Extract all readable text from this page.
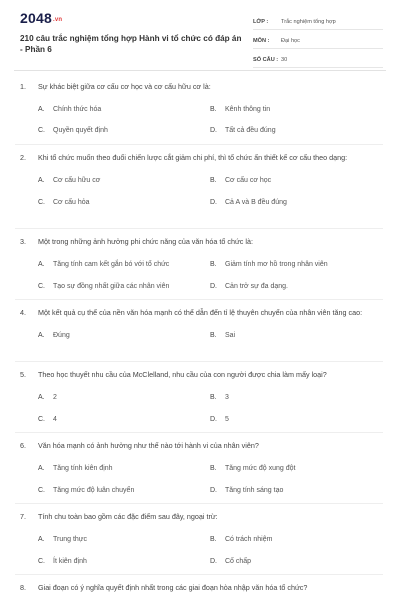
2048.vn
210 câu trắc nghiệm tổng hợp Hành vi tổ chức có đáp án - Phần 6
LỚP :	Trắc nghiệm tổng hợp
MÔN :	Đại học
SỐ CÂU : 30
1.	Sự khác biệt giữa cơ cấu cơ học và cơ cấu hữu cơ là:
A.	Chính thức hóa	B.	Kênh thông tin
C.	Quyền quyết định	D.	Tất cả đều đúng
2.	Khi tổ chức muốn theo đuổi chiến lược cắt giảm chi phí, thì tổ chức ấn thiết kế cơ cấu theo dạng:
A.	Cơ cấu hữu cơ	B.	Cơ cấu cơ học
C.	Cơ cấu hỏa	D.	Cả A và B đều đúng
3.	Một trong những ảnh hưởng phi chức năng của văn hóa tổ chức là:
A.	Tăng tính cam kết gắn bó với tổ chức	B.	Giảm tính mơ hồ trong nhân viên
C.	Tạo sự đồng nhất giữa các nhân viên	D.	Cản trở sự đa dạng.
4.	Một kết quả cụ thể của nền văn hóa mạnh có thể dẫn đến tỉ lệ thuyên chuyển của nhân viên tăng cao:
A.	Đúng	B.	Sai
5.	Theo học thuyết nhu cầu của McClelland, nhu cầu của con người được chia làm mấy loại?
A.	2	B.	3
C.	4	D.	5
6.	Văn hóa mạnh có ảnh hưởng như thế nào tới hành vi của nhân viên?
A.	Tăng tính kiên định	B.	Tăng mức độ xung đột
C.	Tăng mức độ luân chuyển	D.	Tăng tính sáng tạo
7.	Tính chu toàn bao gồm các đặc điểm sau đây, ngoại trừ:
A.	Trung thực	B.	Có trách nhiệm
C.	Ít kiên định	D.	Cố chấp
8.	Giai đoạn có ý nghĩa quyết định nhất trong các giai đoạn hòa nhập văn hóa tổ chức?
